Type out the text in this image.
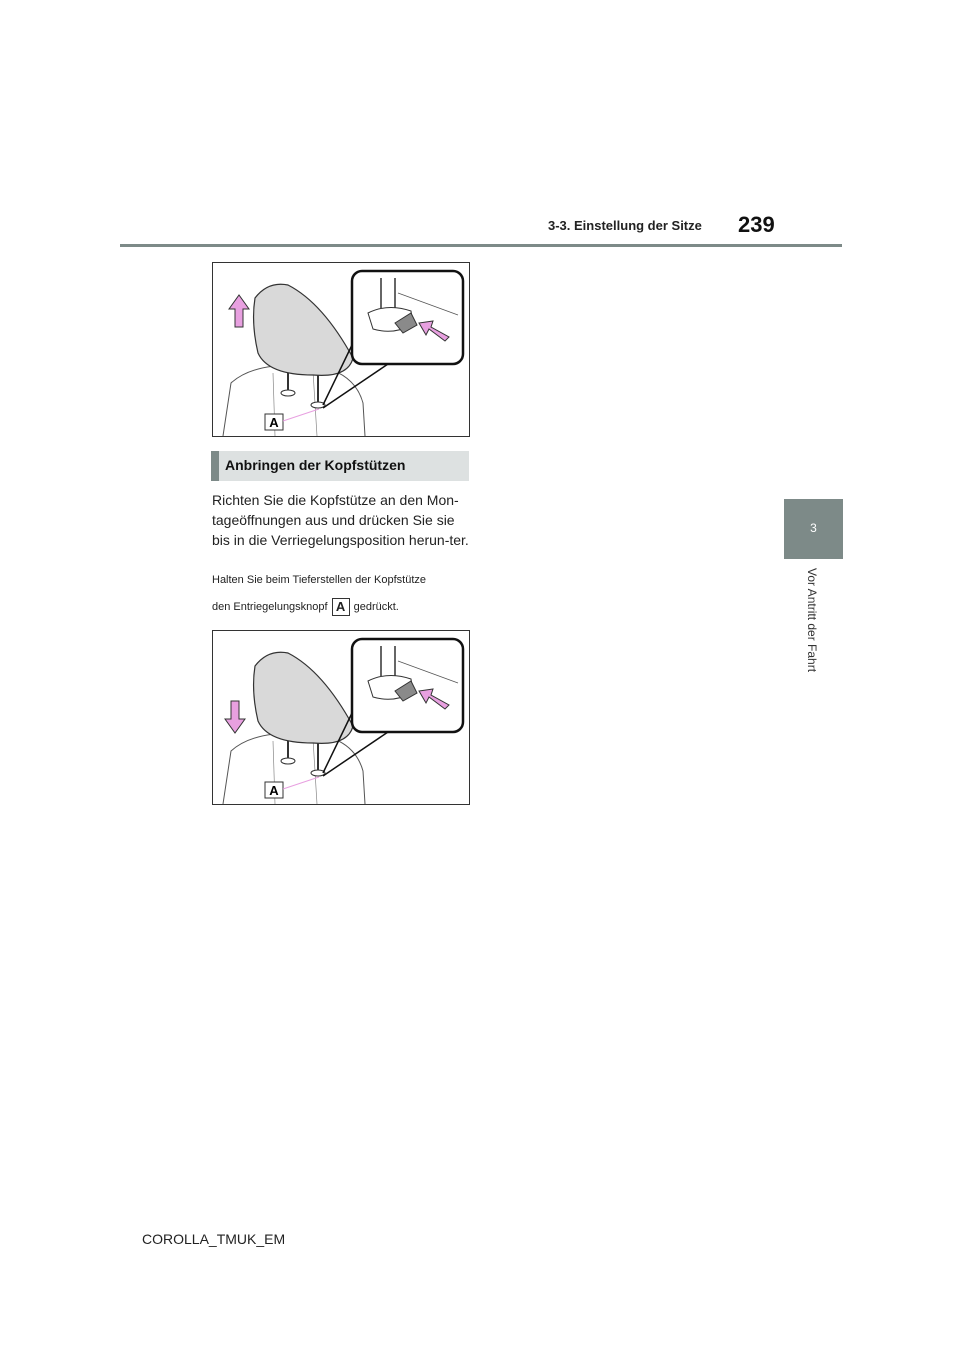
3-3. Einstellung der Sitze 239
3
Vor Antritt der Fahrt
A
Anbringen der Kopfstützen
Richten Sie die Kopfstütze an den Mon-tageöffnungen aus und drücken Sie sie bis in die Verriegelungsposition herun-ter.
Halten Sie beim Tieferstellen der Kopfstütze
den Entriegelungsknopf A gedrückt.
A
COROLLA_TMUK_EM
